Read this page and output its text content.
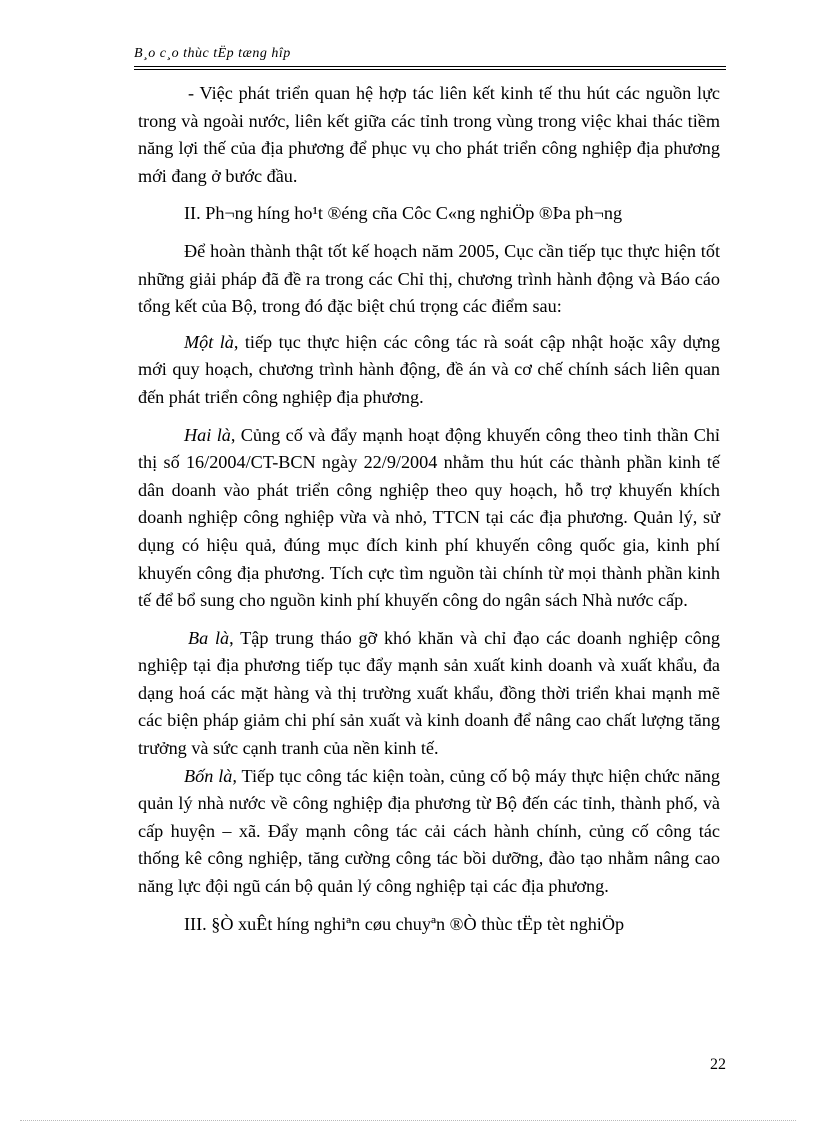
B¸o c¸o thùc tËp tæng hîp

- Việc phát triển quan hệ hợp tác liên kết kinh tế thu hút các nguồn lực trong và ngoài nước, liên kết giữa các tỉnh trong vùng trong việc khai thác tiềm năng lợi thế của địa phương để phục vụ cho phát triển công nghiệp địa phương mới đang ở bước đầu.

II. Ph¬ng híng ho¹t ®éng cña Côc C«ng nghiÖp ®Þa ph¬ng

Để hoàn thành thật tốt kế hoạch năm 2005, Cục cần tiếp tục thực hiện tốt những giải pháp đã đề ra trong các Chỉ thị, chương trình hành động và Báo cáo tổng kết của Bộ, trong đó đặc biệt chú trọng các điểm sau:

Một là, tiếp tục thực hiện các công tác rà soát cập nhật hoặc xây dựng mới quy hoạch, chương trình hành động, đề án và cơ chế chính sách liên quan đến phát triển công nghiệp địa phương.

Hai là, Củng cố và đẩy mạnh hoạt động khuyến công theo tinh thần Chỉ thị số 16/2004/CT-BCN ngày 22/9/2004 nhằm thu hút các thành phần kinh tế dân doanh vào phát triển công nghiệp theo quy hoạch, hỗ trợ khuyến khích doanh nghiệp công nghiệp vừa và nhỏ, TTCN tại các địa phương. Quản lý, sử dụng có hiệu quả, đúng mục đích kinh phí khuyến công quốc gia, kinh phí khuyến công địa phương. Tích cực tìm nguồn tài chính từ mọi thành phần kinh tế để bổ sung cho nguồn kinh phí khuyến công do ngân sách Nhà nước cấp.

Ba là, Tập trung tháo gỡ khó khăn và chỉ đạo các doanh nghiệp công nghiệp tại địa phương tiếp tục đẩy mạnh sản xuất kinh doanh và xuất khẩu, đa dạng hoá các mặt hàng và thị trường xuất khẩu, đồng thời triển khai mạnh mẽ các biện pháp giảm chi phí sản xuất và kinh doanh để nâng cao chất lượng tăng trưởng và sức cạnh tranh của nền kinh tế.

Bốn là, Tiếp tục công tác kiện toàn, củng cố bộ máy thực hiện chức năng quản lý nhà nước về công nghiệp địa phương từ Bộ đến các tỉnh, thành phố, và cấp huyện – xã. Đẩy mạnh công tác cải cách hành chính, củng cố công tác thống kê công nghiệp, tăng cường công tác bồi dưỡng, đào tạo nhằm nâng cao năng lực đội ngũ cán bộ quản lý công nghiệp tại các địa phương.

III. §Ò xuÊt híng nghiªn cøu chuyªn ®Ò thùc tËp tèt nghiÖp

22
